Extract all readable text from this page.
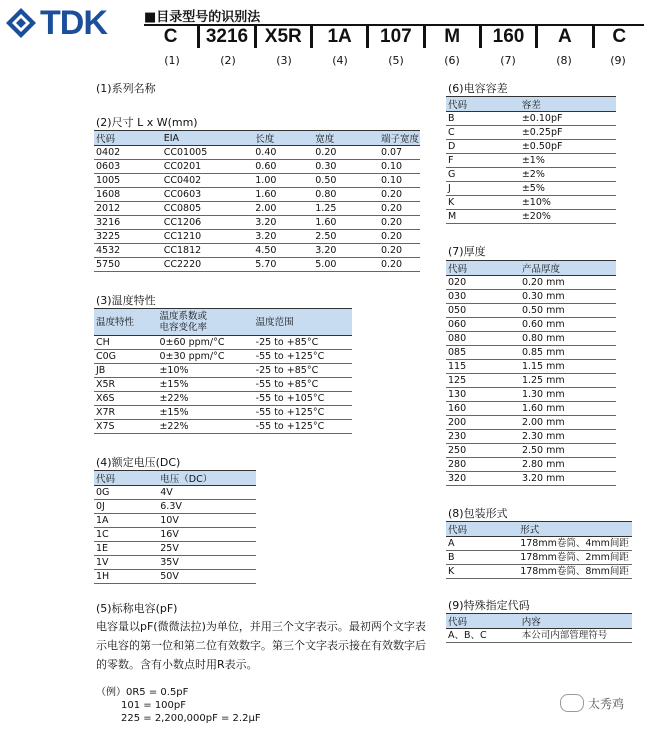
TDK	■目录型号的识别法
C	3216 X5R	1A	107	M	160	A	C
(1)	(2)	(3)	(4)	(5)	(6)	(7)	(8)	(9)
(1)系列名称
(2)尺寸 L x W(mm)
(3)温度特性
(4)额定电压(DC)
(5)标称电容(pF)
(6)电容容差
(7)厚度
(8)包装形式
(9)特殊指定代码
代码	EIA	长度	宽度	端子宽度
0402	CC01005	0.40	0.20	0.07
0603	CC0201	0.60	0.30	0.10
1005	CC0402	1.00	0.50	0.10
1608	CC0603	1.60	0.80	0.20
2012	CC0805	2.00	1.25	0.20
3216	CC1206	3.20	1.60	0.20
3225	CC1210	3.20	2.50	0.20
4532	CC1812	4.50	3.20	0.20
5750	CC2220	5.70	5.00	0.20
温度特性	温度系数或
电容变化率	温度范围
CH	0±60 ppm/°C	-25 to +85°C
C0G	0±30 ppm/°C	-55 to +125°C
JB	±10%	-25 to +85°C
X5R	±15%	-55 to +85°C
X6S	±22%	-55 to +105°C
X7R	±15%	-55 to +125°C
X7S	±22%	-55 to +125°C
代码	电压（DC）
0G	4V
0J	6.3V
1A	10V
1C	16V
1E	25V
1V	35V
1H	50V
代码	容差
B	±0.10pF
C	±0.25pF
D	±0.50pF
F	±1%
G	±2%
J	±5%
K	±10%
M	±20%
代码	产品厚度
020	0.20 mm
030	0.30 mm
050	0.50 mm
060	0.60 mm
080	0.80 mm
085	0.85 mm
115	1.15 mm
125	1.25 mm
130	1.30 mm
160	1.60 mm
200	2.00 mm
230	2.30 mm
250	2.50 mm
280	2.80 mm
320	3.20 mm
代码	形式
A	178mm卷筒、4mm间距
B	178mm卷筒、2mm间距
K	178mm卷筒、8mm间距
代码	内容
A、B、C	本公司内部管理符号
电容量以pF(微微法拉)为单位，并用三个文字表示。最初两个文字表示电容的第一位和第二位有效数字。第三个文字表示接在有效数字后的零数。含有小数点时用R表示。
（例）0R5 = 0.5pF
101 = 100pF
225 = 2,200,000pF = 2.2μF
太秀鸡
